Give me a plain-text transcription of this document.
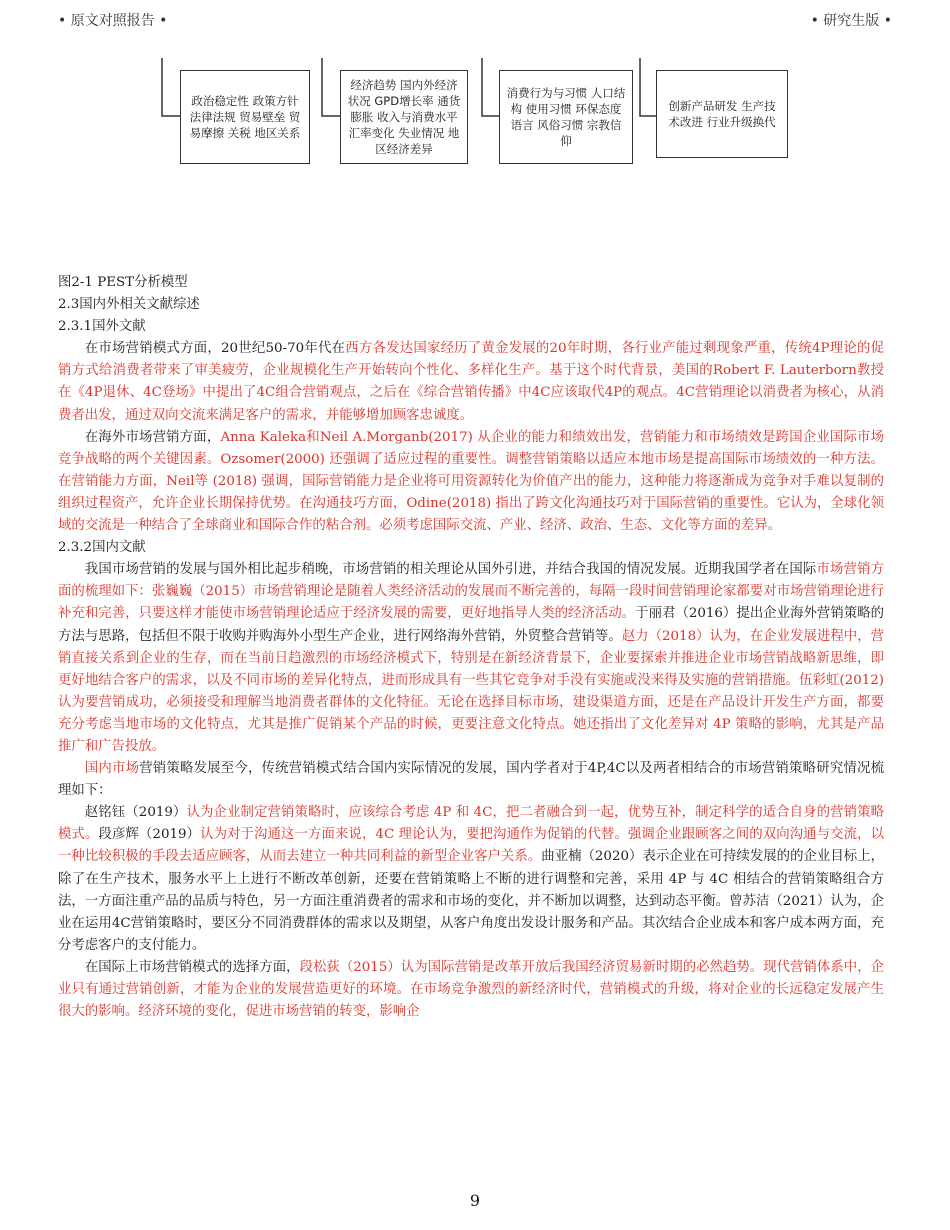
• 原文对照报告 •	• 研究生版 •
政治稳定性 政策方针 法律法规 贸易壁垒 贸易摩擦 关税 地区关系
经济趋势 国内外经济状况 GPD增长率 通货膨胀 收入与消费水平 汇率变化 失业情况 地区经济差异
消费行为与习惯 人口结构 使用习惯 环保态度 语言 风俗习惯 宗教信仰
创新产品研发 生产技术改进 行业升级换代

图2-1 PEST分析模型

2.3国内外相关文献综述

2.3.1国外文献

在市场营销模式方面，20世纪50-70年代在西方各发达国家经历了黄金发展的20年时期，各行业产能过剩现象严重，传统4P理论的促销方式给消费者带来了审美疲劳，企业规模化生产开始转向个性化、多样化生产。基于这个时代背景，美国的Robert F. Lauterborn教授在《4P退休、4C登场》中提出了4C组合营销观点，之后在《综合营销传播》中4C应该取代4P的观点。4C营销理论以消费者为核心，从消费者出发，通过双向交流来满足客户的需求，并能够增加顾客忠诚度。

在海外市场营销方面，Anna Kaleka和Neil A.Morganb(2017) 从企业的能力和绩效出发，营销能力和市场绩效是跨国企业国际市场竞争战略的两个关键因素。Ozsomer(2000) 还强调了适应过程的重要性。调整营销策略以适应本地市场是提高国际市场绩效的一种方法。在营销能力方面，Neil等 (2018) 强调，国际营销能力是企业将可用资源转化为价值产出的能力，这种能力将逐渐成为竞争对手难以复制的组织过程资产，允许企业长期保持优势。在沟通技巧方面，Odine(2018) 指出了跨文化沟通技巧对于国际营销的重要性。它认为，全球化领域的交流是一种结合了全球商业和国际合作的粘合剂。必须考虑国际交流、产业、经济、政治、生态、文化等方面的差异。

2.3.2国内文献

我国市场营销的发展与国外相比起步稍晚，市场营销的相关理论从国外引进，并结合我国的情况发展。近期我国学者在国际市场营销方面的梳理如下：张巍巍（2015）市场营销理论是随着人类经济活动的发展而不断完善的，每隔一段时间营销理论家都要对市场营销理论进行补充和完善，只要这样才能使市场营销理论适应于经济发展的需要，更好地指导人类的经济活动。于丽君（2016）提出企业海外营销策略的方法与思路，包括但不限于收购并购海外小型生产企业，进行网络海外营销，外贸整合营销等。赵力（2018）认为，在企业发展进程中，营销直接关系到企业的生存，而在当前日趋激烈的市场经济模式下，特别是在新经济背景下，企业要探索并推进企业市场营销战略新思维，即更好地结合客户的需求，以及不同市场的差异化特点，进而形成具有一些其它竞争对手没有实施或没来得及实施的营销措施。伍彩虹(2012)认为要营销成功，必须接受和理解当地消费者群体的文化特征。无论在选择目标市场，建设渠道方面，还是在产品设计开发生产方面，都要充分考虑当地市场的文化特点，尤其是推广促销某个产品的时候，更要注意文化特点。她还指出了文化差异对 4P 策略的影响，尤其是产品推广和广告投放。

国内市场营销策略发展至今，传统营销模式结合国内实际情况的发展，国内学者对于4P,4C以及两者相结合的市场营销策略研究情况梳理如下：

赵铭钰（2019）认为企业制定营销策略时，应该综合考虑 4P 和 4C，把二者融合到一起，优势互补，制定科学的适合自身的营销策略模式。段彦辉（2019）认为对于沟通这一方面来说，4C 理论认为，要把沟通作为促销的代替。强调企业跟顾客之间的双向沟通与交流，以一种比较积极的手段去适应顾客，从而去建立一种共同利益的新型企业客户关系。曲亚楠（2020）表示企业在可持续发展的的企业目标上，除了在生产技术，服务水平上上进行不断改革创新，还要在营销策略上不断的进行调整和完善，采用 4P 与 4C 相结合的营销策略组合方法，一方面注重产品的品质与特色，另一方面注重消费者的需求和市场的变化，并不断加以调整，达到动态平衡。曾苏洁（2021）认为，企业在运用4C营销策略时，要区分不同消费群体的需求以及期望，从客户角度出发设计服务和产品。其次结合企业成本和客户成本两方面，充分考虑客户的支付能力。

在国际上市场营销模式的选择方面，段松荻（2015）认为国际营销是改革开放后我国经济贸易新时期的必然趋势。现代营销体系中，企业只有通过营销创新，才能为企业的发展营造更好的环境。在市场竞争激烈的新经济时代，营销模式的升级，将对企业的长远稳定发展产生很大的影响。经济环境的变化，促进市场营销的转变，影响企

9
